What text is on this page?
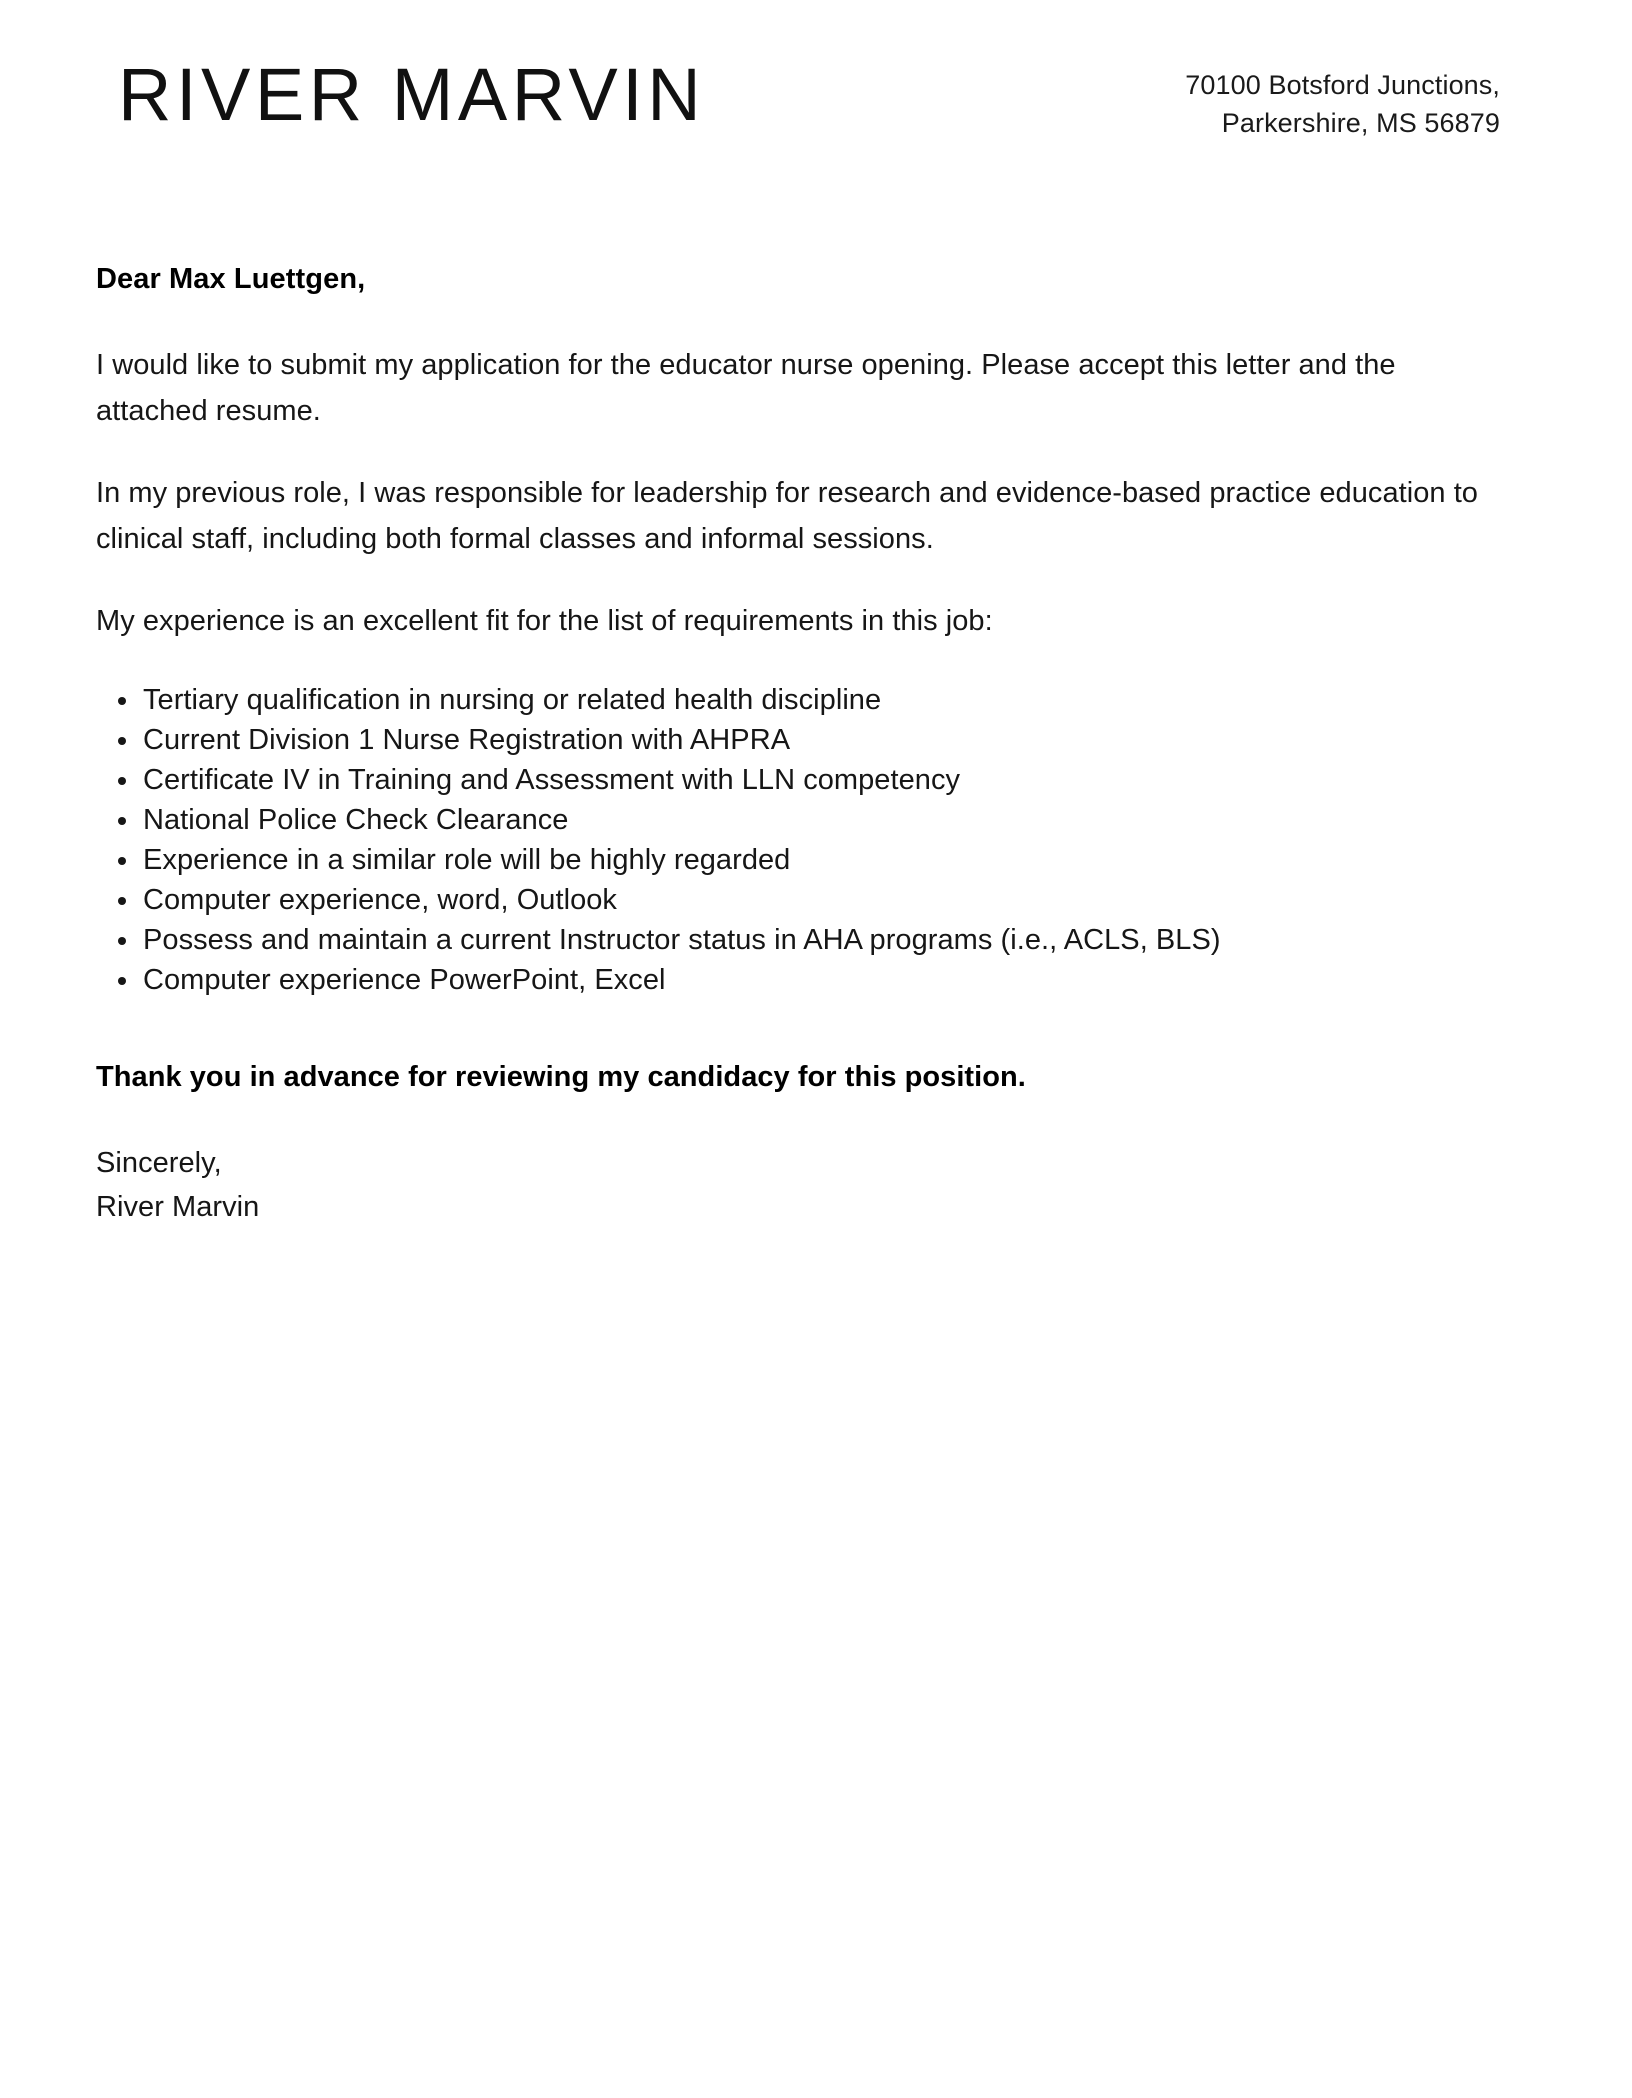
RIVER MARVIN	70100 Botsford Junctions,
Parkershire, MS 56879

Dear Max Luettgen,

I would like to submit my application for the educator nurse opening. Please accept this letter and the attached resume.

In my previous role, I was responsible for leadership for research and evidence-based practice education to clinical staff, including both formal classes and informal sessions.

My experience is an excellent fit for the list of requirements in this job:

Tertiary qualification in nursing or related health discipline
Current Division 1 Nurse Registration with AHPRA
Certificate IV in Training and Assessment with LLN competency
National Police Check Clearance
Experience in a similar role will be highly regarded
Computer experience, word, Outlook
Possess and maintain a current Instructor status in AHA programs (i.e., ACLS, BLS)
Computer experience PowerPoint, Excel

Thank you in advance for reviewing my candidacy for this position.

Sincerely,
River Marvin
